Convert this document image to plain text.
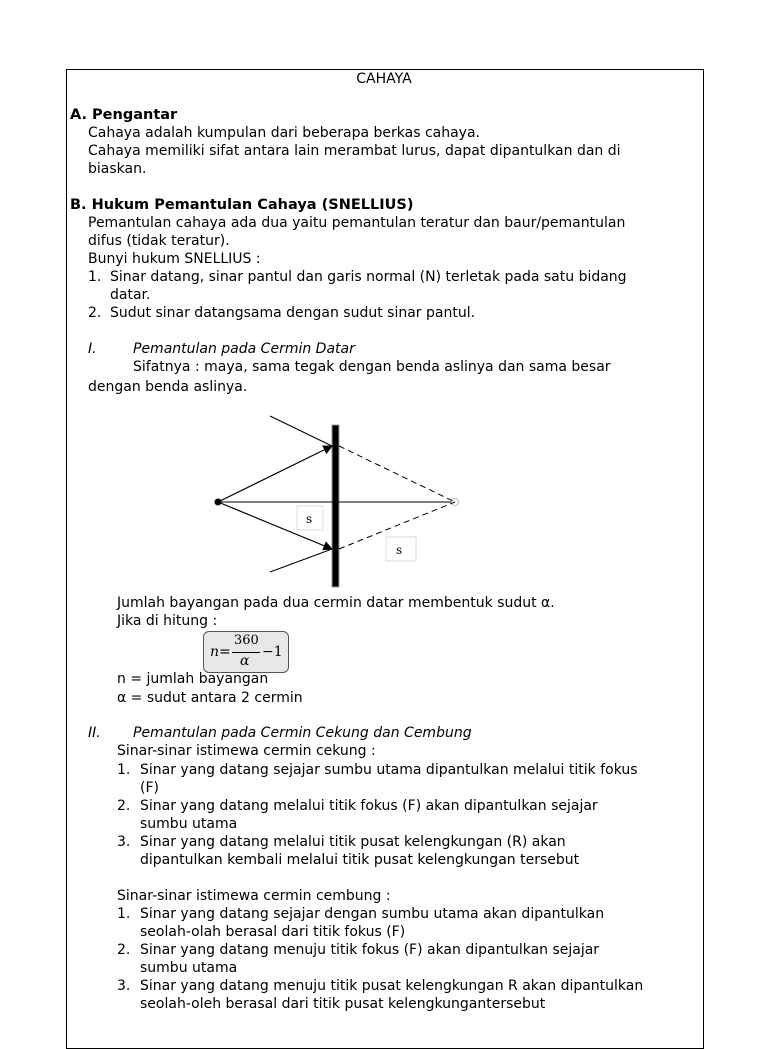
CAHAYA
A. Pengantar
Cahaya adalah kumpulan dari beberapa berkas cahaya.
Cahaya memiliki sifat antara lain merambat lurus, dapat dipantulkan dan di
biaskan.
B. Hukum Pemantulan Cahaya (SNELLIUS)
Pemantulan cahaya ada dua yaitu pemantulan teratur dan baur/pemantulan
difus (tidak teratur).
Bunyi hukum SNELLIUS :
1. Sinar datang, sinar pantul dan garis normal (N) terletak pada satu bidang
datar.
2. Sudut sinar datangsama dengan sudut sinar pantul.
I.	Pemantulan pada Cermin Datar
Sifatnya : maya, sama tegak dengan benda aslinya dan sama besar
dengan benda aslinya.
s
s
Jumlah bayangan pada dua cermin datar membentuk sudut α.
Jika di hitung :
n=
360
α
−1
n = jumlah bayangan
α = sudut antara 2 cermin
II. Pemantulan pada Cermin Cekung dan Cembung
Sinar-sinar istimewa cermin cekung :
1. Sinar yang datang sejajar sumbu utama dipantulkan melalui titik fokus
(F)
2. Sinar yang datang melalui titik fokus (F) akan dipantulkan sejajar
sumbu utama
3. Sinar yang datang melalui titik pusat kelengkungan (R) akan
dipantulkan kembali melalui titik pusat kelengkungan tersebut
Sinar-sinar istimewa cermin cembung :
1. Sinar yang datang sejajar dengan sumbu utama akan dipantulkan
seolah-olah berasal dari titik fokus (F)
2. Sinar yang datang menuju titik fokus (F) akan dipantulkan sejajar
sumbu utama
3. Sinar yang datang menuju titik pusat kelengkungan R akan dipantulkan
seolah-oleh berasal dari titik pusat kelengkungantersebut
